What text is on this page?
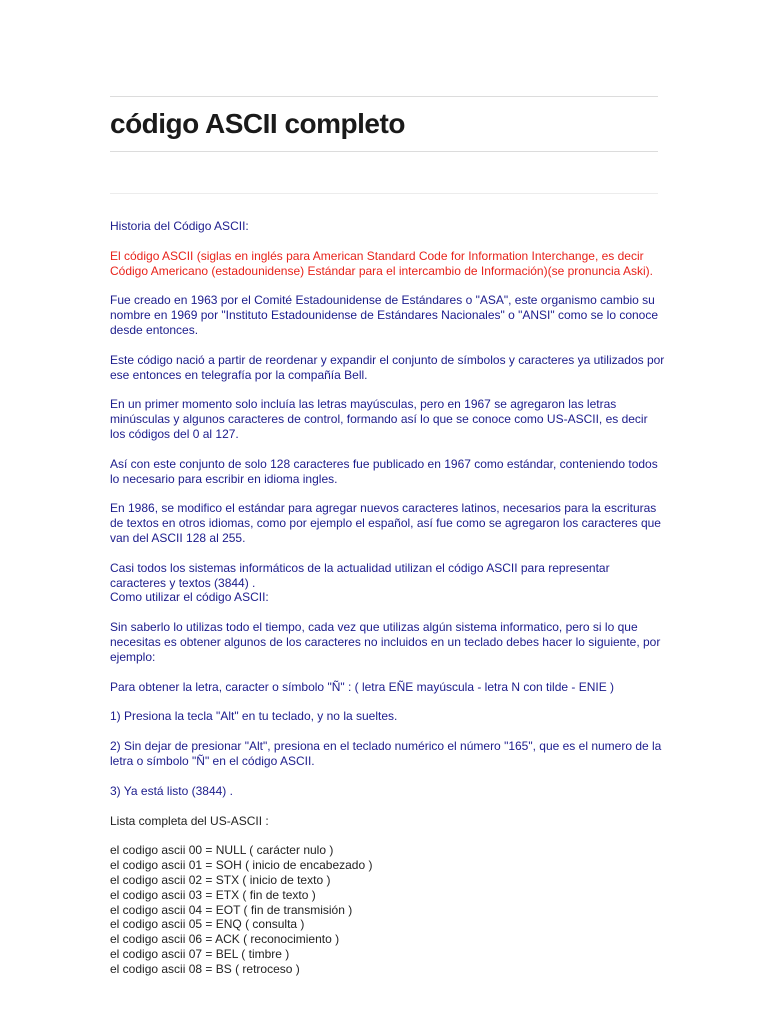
código ASCII completo

Historia del Código ASCII:

El código ASCII (siglas en inglés para American Standard Code for Information Interchange, es decir Código Americano (estadounidense) Estándar para el intercambio de Información)(se pronuncia Aski).

Fue creado en 1963 por el Comité Estadounidense de Estándares o "ASA", este organismo cambio su nombre en 1969 por "Instituto Estadounidense de Estándares Nacionales" o "ANSI" como se lo conoce desde entonces.

Este código nació a partir de reordenar y expandir el conjunto de símbolos y caracteres ya utilizados por ese entonces en telegrafía por la compañía Bell.

En un primer momento solo incluía las letras mayúsculas, pero en 1967 se agregaron las letras minúsculas y algunos caracteres de control, formando así lo que se conoce como US-ASCII, es decir los códigos del 0 al 127.

Así con este conjunto de solo 128 caracteres fue publicado en 1967 como estándar, conteniendo todos lo necesario para escribir en idioma ingles.

En 1986, se modifico el estándar para agregar nuevos caracteres latinos, necesarios para la escrituras de textos en otros idiomas, como por ejemplo el español, así fue como se agregaron los caracteres que van del ASCII 128 al 255.

Casi todos los sistemas informáticos de la actualidad utilizan el código ASCII para representar caracteres y textos (3844) .

Como utilizar el código ASCII:

Sin saberlo lo utilizas todo el tiempo, cada vez que utilizas algún sistema informatico, pero si lo que necesitas es obtener algunos de los caracteres no incluidos en un teclado debes hacer lo siguiente, por ejemplo:

Para obtener la letra, caracter o símbolo "Ñ" : ( letra EÑE mayúscula - letra N con tilde - ENIE )

1) Presiona la tecla "Alt" en tu teclado, y no la sueltes.

2) Sin dejar de presionar "Alt", presiona en el teclado numérico el número "165", que es el numero de la letra o símbolo "Ñ" en el código ASCII.

3) Ya está listo (3844) .

Lista completa del US-ASCII :

el codigo ascii 00 = NULL ( carácter nulo )
el codigo ascii 01 = SOH ( inicio de encabezado )
el codigo ascii 02 = STX ( inicio de texto )
el codigo ascii 03 = ETX ( fin de texto )
el codigo ascii 04 = EOT ( fin de transmisión )
el codigo ascii 05 = ENQ ( consulta )
el codigo ascii 06 = ACK ( reconocimiento )
el codigo ascii 07 = BEL ( timbre )
el codigo ascii 08 = BS ( retroceso )
